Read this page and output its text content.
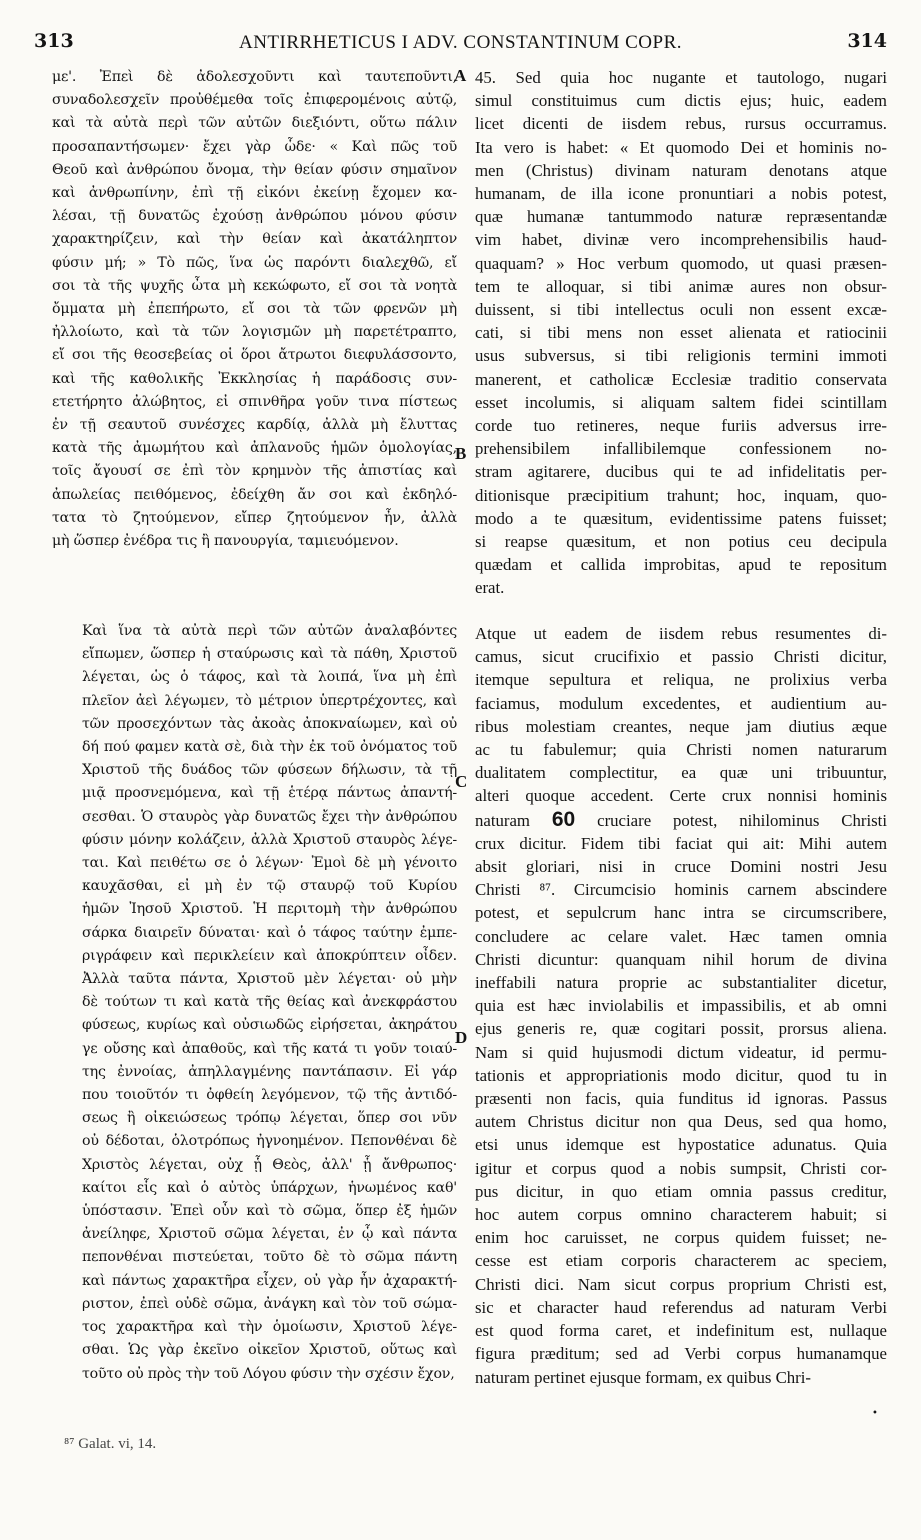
313	ANTIRRHETICUS I ADV. CONSTANTINUM COPR.	314
A
B
C
D

με'. Ἐπεὶ δὲ ἀδολεσχοῦντι καὶ ταυτεποῦντι,
συναδολεσχεῖν προὐθέμεθα τοῖς ἐπιφερομένοις αὐτῷ,
καὶ τὰ αὐτὰ περὶ τῶν αὐτῶν διεξιόντι, οὕτω πάλιν
προσαπαντήσωμεν· ἔχει γὰρ ὧδε· « Καὶ πῶς τοῦ
Θεοῦ καὶ ἀνθρώπου ὄνομα, τὴν θείαν φύσιν σημαῖνον
καὶ ἀνθρωπίνην, ἐπὶ τῇ εἰκόνι ἐκείνῃ ἔχομεν κα-
λέσαι, τῇ δυνατῶς ἐχούσῃ ἀνθρώπου μόνου φύσιν
χαρακτηρίζειν, καὶ τὴν θείαν καὶ ἀκατάληπτον
φύσιν μή; » Τὸ πῶς, ἵνα ὡς παρόντι διαλεχθῶ, εἴ
σοι τὰ τῆς ψυχῆς ὦτα μὴ κεκώφωτο, εἴ σοι τὰ νοητὰ
ὄμματα μὴ ἐπεπήρωτο, εἴ σοι τὰ τῶν φρενῶν μὴ
ἠλλοίωτο, καὶ τὰ τῶν λογισμῶν μὴ παρετέτραπτο,
εἴ σοι τῆς θεοσεβείας οἱ ὅροι ἄτρωτοι διεφυλάσσοντο,
καὶ τῆς καθολικῆς Ἐκκλησίας ἡ παράδοσις συν-
ετετήρητο ἀλώβητος, εἰ σπινθῆρα γοῦν τινα πίστεως
ἐν τῇ σεαυτοῦ συνέσχες καρδίᾳ, ἀλλὰ μὴ ἔλυττας
κατὰ τῆς ἀμωμήτου καὶ ἀπλανοῦς ἡμῶν ὁμολογίας,
τοῖς ἄγουσί σε ἐπὶ τὸν κρημνὸν τῆς ἀπιστίας καὶ
ἀπωλείας πειθόμενος, ἐδείχθη ἄν σοι καὶ ἐκδηλό-
τατα τὸ ζητούμενον, εἴπερ ζητούμενον ἦν, ἀλλὰ
μὴ ὥσπερ ἐνέδρα τις ἢ πανουργία, ταμιευόμενον.

Καὶ ἵνα τὰ αὐτὰ περὶ τῶν αὐτῶν ἀναλαβόντες
εἴπωμεν, ὥσπερ ἡ σταύρωσις καὶ τὰ πάθη, Χριστοῦ
λέγεται, ὡς ὁ τάφος, καὶ τὰ λοιπά, ἵνα μὴ ἐπὶ
πλεῖον ἀεὶ λέγωμεν, τὸ μέτριον ὑπερτρέχοντες, καὶ
τῶν προσεχόντων τὰς ἀκοὰς ἀποκναίωμεν, καὶ οὐ
δή πού φαμεν κατὰ σὲ, διὰ τὴν ἐκ τοῦ ὀνόματος τοῦ
Χριστοῦ τῆς δυάδος τῶν φύσεων δήλωσιν, τὰ τῇ
μιᾷ προσνεμόμενα, καὶ τῇ ἑτέρᾳ πάντως ἀπαντή-
σεσθαι. Ὁ σταυρὸς γὰρ δυνατῶς ἔχει τὴν ἀνθρώπου
φύσιν μόνην κολάζειν, ἀλλὰ Χριστοῦ σταυρὸς λέγε-
ται. Καὶ πειθέτω σε ὁ λέγων· Ἐμοὶ δὲ μὴ γένοιτο
καυχᾶσθαι, εἰ μὴ ἐν τῷ σταυρῷ τοῦ Κυρίου
ἡμῶν Ἰησοῦ Χριστοῦ. Ἡ περιτομὴ τὴν ἀνθρώπου
σάρκα διαιρεῖν δύναται· καὶ ὁ τάφος ταύτην ἐμπε-
ριγράφειν καὶ περικλείειν καὶ ἀποκρύπτειν οἶδεν.
Ἀλλὰ ταῦτα πάντα, Χριστοῦ μὲν λέγεται· οὐ μὴν
δὲ τούτων τι καὶ κατὰ τῆς θείας καὶ ἀνεκφράστου
φύσεως, κυρίως καὶ οὐσιωδῶς εἰρήσεται, ἀκηράτου
γε οὔσης καὶ ἀπαθοῦς, καὶ τῆς κατά τι γοῦν τοιαύ-
της ἐννοίας, ἀπηλλαγμένης παντάπασιν. Εἰ γάρ
που τοιοῦτόν τι ὀφθείη λεγόμενον, τῷ τῆς ἀντιδό-
σεως ἢ οἰκειώσεως τρόπῳ λέγεται, ὅπερ σοι νῦν
οὐ δέδοται, ὁλοτρόπως ἠγνοημένον. Πεπονθέναι δὲ
Χριστὸς λέγεται, οὐχ ᾗ Θεὸς, ἀλλ' ᾗ ἄνθρωπος·
καίτοι εἷς καὶ ὁ αὐτὸς ὑπάρχων, ἡνωμένος καθ'
ὑπόστασιν. Ἐπεὶ οὖν καὶ τὸ σῶμα, ὅπερ ἐξ ἡμῶν
ἀνείληφε, Χριστοῦ σῶμα λέγεται, ἐν ᾧ καὶ πάντα
πεπονθέναι πιστεύεται, τοῦτο δὲ τὸ σῶμα πάντη
καὶ πάντως χαρακτῆρα εἶχεν, οὐ γὰρ ἦν ἀχαρακτή-
ριστον, ἐπεὶ οὐδὲ σῶμα, ἀνάγκη καὶ τὸν τοῦ σώμα-
τος χαρακτῆρα καὶ τὴν ὁμοίωσιν, Χριστοῦ λέγε-
σθαι. Ὡς γὰρ ἐκεῖνο οἰκεῖον Χριστοῦ, οὕτως καὶ
τοῦτο οὐ πρὸς τὴν τοῦ Λόγου φύσιν τὴν σχέσιν ἔχον,

45. Sed quia hoc nugante et tautologo, nugari
simul constituimus cum dictis ejus; huic, eadem
licet dicenti de iisdem rebus, rursus occurramus.
Ita vero is habet: « Et quomodo Dei et hominis no-
men (Christus) divinam naturam denotans atque
humanam, de illa icone pronuntiari a nobis potest,
quæ humanæ tantummodo naturæ repræsentandæ
vim habet, divinæ vero incomprehensibilis haud-
quaquam? » Hoc verbum quomodo, ut quasi præsen-
tem te alloquar, si tibi animæ aures non obsur-
duissent, si tibi intellectus oculi non essent excæ-
cati, si tibi mens non esset alienata et ratiocinii
usus subversus, si tibi religionis termini immoti
manerent, et catholicæ Ecclesiæ traditio conservata
esset incolumis, si aliquam saltem fidei scintillam
corde tuo retineres, neque furiis adversus irre-
prehensibilem infallibilemque confessionem no-
stram agitarere, ducibus qui te ad infidelitatis per-
ditionisque præcipitium trahunt; hoc, inquam, quo-
modo a te quæsitum, evidentissime patens fuisset;
si reapse quæsitum, et non potius ceu decipula
quædam et callida improbitas, apud te repositum
erat.

Atque ut eadem de iisdem rebus resumentes di-
camus, sicut crucifixio et passio Christi dicitur,
itemque sepultura et reliqua, ne prolixius verba
faciamus, modulum excedentes, et audientium au-
ribus molestiam creantes, neque jam diutius æque
ac tu fabulemur; quia Christi nomen naturarum
dualitatem complectitur, ea quæ uni tribuuntur,
alteri quoque accedent. Certe crux nonnisi hominis
naturam 60 cruciare potest, nihilominus Christi
crux dicitur. Fidem tibi faciat qui ait: Mihi autem
absit gloriari, nisi in cruce Domini nostri Jesu
Christi ⁸⁷. Circumcisio hominis carnem abscindere
potest, et sepulcrum hanc intra se circumscribere,
concludere ac celare valet. Hæc tamen omnia
Christi dicuntur: quanquam nihil horum de divina
ineffabili natura proprie ac substantialiter dicetur,
quia est hæc inviolabilis et impassibilis, et ab omni
ejus generis re, quæ cogitari possit, prorsus aliena.
Nam si quid hujusmodi dictum videatur, id permu-
tationis et appropriationis modo dicitur, quod tu in
præsenti non facis, quia funditus id ignoras. Passus
autem Christus dicitur non qua Deus, sed qua homo,
etsi unus idemque est hypostatice adunatus. Quia
igitur et corpus quod a nobis sumpsit, Christi cor-
pus dicitur, in quo etiam omnia passus creditur,
hoc autem corpus omnino characterem habuit; si
enim hoc caruisset, ne corpus quidem fuisset; ne-
cesse est etiam corporis characterem ac speciem,
Christi dici. Nam sicut corpus proprium Christi est,
sic et character haud referendus ad naturam Verbi
est quod forma caret, et indefinitum est, nullaque
figura præditum; sed ad Verbi corpus humanamque
naturam pertinet ejusque formam, ex quibus Chri-

•
⁸⁷ Galat. vi, 14.
